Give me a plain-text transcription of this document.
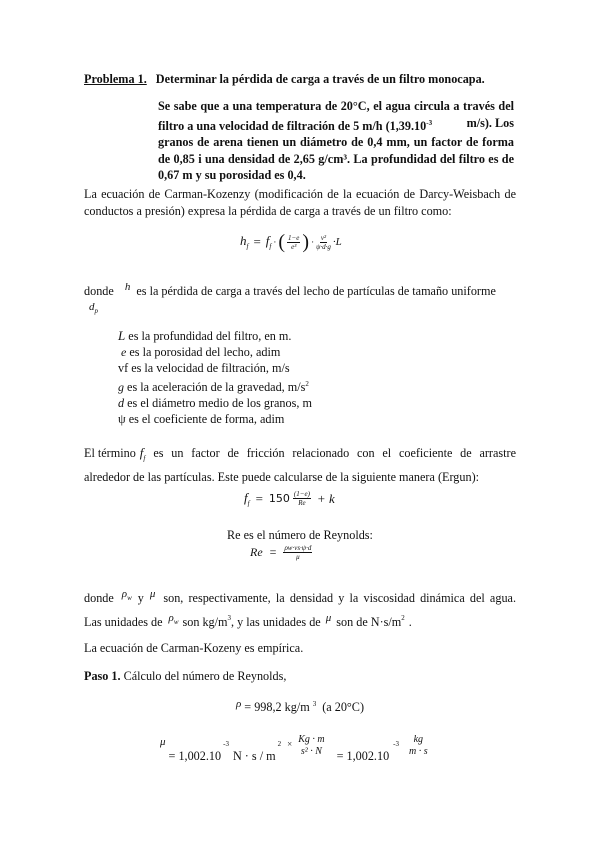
Problema 1. Determinar la pérdida de carga a través de un filtro monocapa.
Se sabe que a una temperatura de 20°C, el agua circula a través del
filtro a una velocidad de filtración de 5 m/h ($1,39.10^{-3}$	m/s). Los
granos de arena tienen un diámetro de 0,4 mm, un factor de forma
de 0,85 i una densidad de 2,65 g/cm³. La profundidad del filtro es de
0,67 m y su porosidad es 0,4.
La ecuación de Carman-Kozenzy (modificación de la ecuación de Darcy-Weisbach de
conductos a presión) expresa la pérdida de carga a través de un filtro como:
$h_f = f_f$ · ( $\frac{1-e}{\text{e³}}$ ) · $\frac{\text{v²}}{\psi\cdot d\cdot g} \cdot L$
donde h es la pérdida de carga a través del lecho de partículas de tamaño uniforme
$d_p$
L es la profundidad del filtro, en m.
e es la porosidad del lecho, adim
vf es la velocidad de filtración, m/s
g es la aceleración de la gravedad, $m/s^2$
d es el diámetro medio de los granos, m
ψ es el coeficiente de forma, adim
El término $f_f$ es un factor de fricción relacionado con el coeficiente de arrastre
alrededor de las partículas. Este puede calcularse de la siguiente manera (Ergun):
$f_f = 150 \frac{(1-e)}{Re} + k$
Re es el número de Reynolds:
$Re = \frac{\rho w\cdot vs\cdot\psi\cdot d}{\mu}$
donde $\rho_w$ y μ son, respectivamente, la densidad y la viscosidad dinámica del agua.
Las unidades de $\rho_w$ son $kg/m^3$ , y las unidades de μ son de $N\cdot s/m^2$ .
La ecuación de Carman-Kozeny es empírica.
Paso 1. Cálculo del número de Reynolds,
ρ = 998,2 kg/m $^3$ (a 20°C)
μ
= 1,002.10
$^{-3}$
N · s / m
$^2$ × Kg · m
s² · N = 1,002.10
$^{-3}$ kg
m · s
